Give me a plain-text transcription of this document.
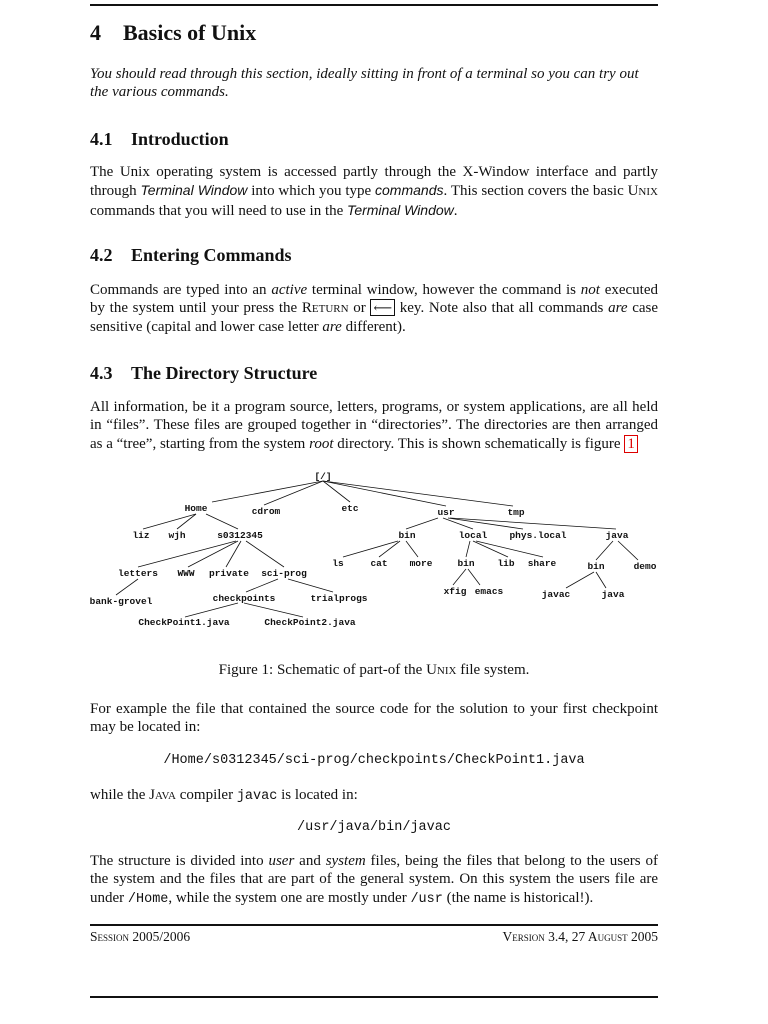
4 Basics of Unix

You should read through this section, ideally sitting in front of a terminal so you can try out the various commands.

4.1 Introduction

The Unix operating system is accessed partly through the X-Window interface and partly through Terminal Window into which you type commands. This section covers the basic Unix commands that you will need to use in the Terminal Window.

4.2 Entering Commands

Commands are typed into an active terminal window, however the command is not executed by the system until your press the Return or ⟵ key. Note also that all commands are case sensitive (capital and lower case letter are different).

4.3 The Directory Structure

All information, be it a program source, letters, programs, or system applications, are all held in “files”. These files are grouped together in “directories”. The directories are then arranged as a “tree”, starting from the system root directory. This is shown schematically is figure 1

[/]
Home	cdrom	etc	usr	tmp
liz wjh	s0312345	bin	local phys.local	java
ls	cat more	bin lib share	bin	demo
letters WWW private sci-prog
xfig emacs	javac	java
bank-grovel	checkpoints	trialprogs
CheckPoint1.java	CheckPoint2.java
Figure 1: Schematic of part-of the Unix file system.

For example the file that contained the source code for the solution to your first checkpoint may be located in:

/Home/s0312345/sci-prog/checkpoints/CheckPoint1.java

while the Java compiler javac is located in:

/usr/java/bin/javac

The structure is divided into user and system files, being the files that belong to the users of the system and the files that are part of the general system. On this system the users file are under /Home, while the system one are mostly under /usr (the name is historical!).

Session 2005/2006	Version 3.4, 27 August 2005
